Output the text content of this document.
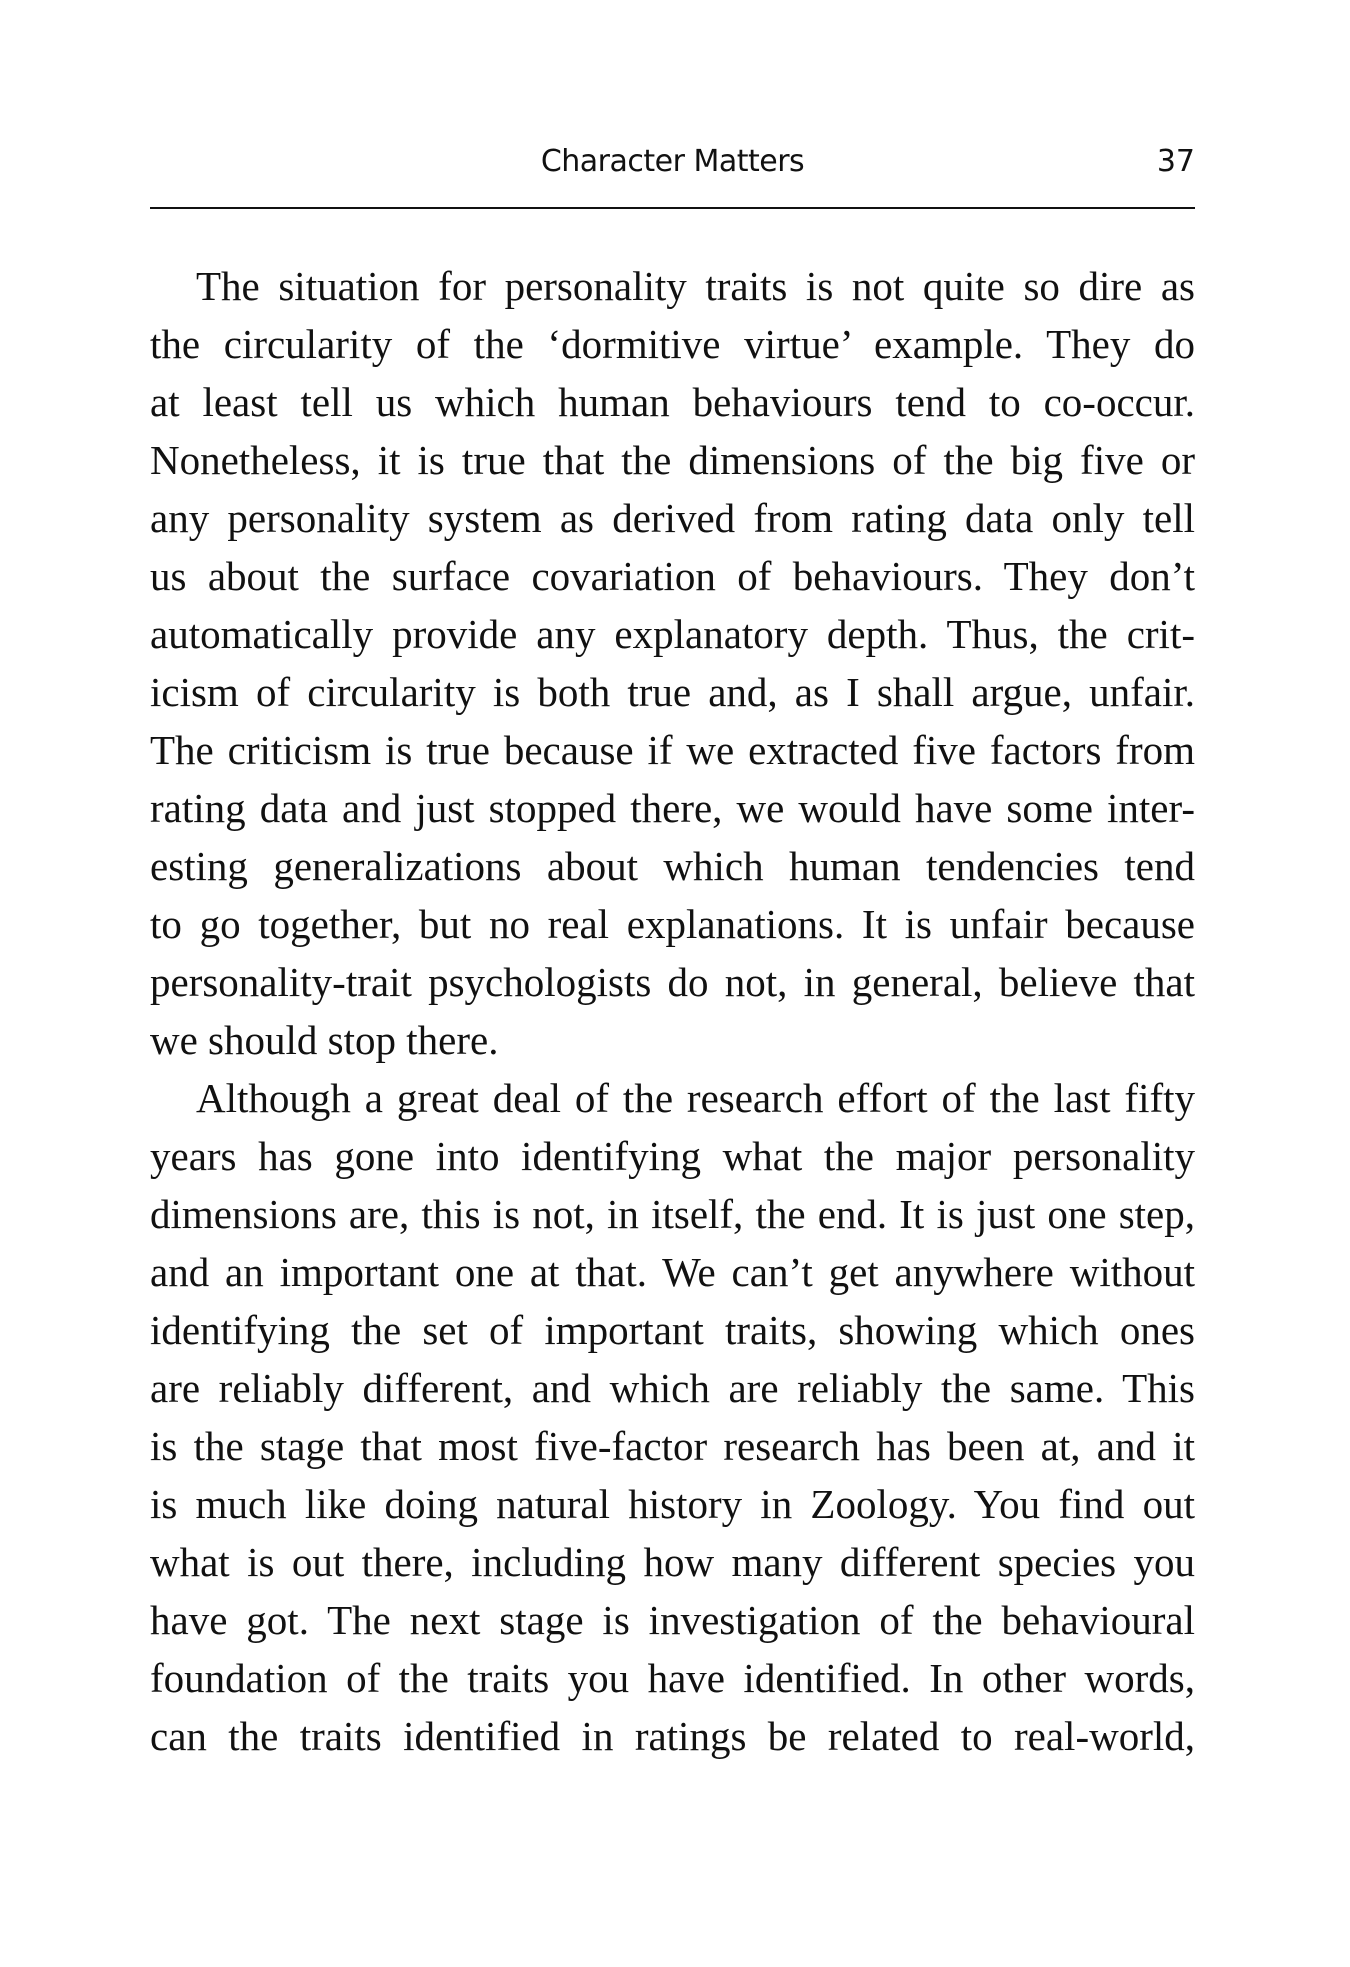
Character Matters	37
The situation for personality traits is not quite so dire as
the circularity of the ‘dormitive virtue’ example. They do
at least tell us which human behaviours tend to co-occur.
Nonetheless, it is true that the dimensions of the big five or
any personality system as derived from rating data only tell
us about the surface covariation of behaviours. They don’t
automatically provide any explanatory depth. Thus, the crit-
icism of circularity is both true and, as I shall argue, unfair.
The criticism is true because if we extracted five factors from
rating data and just stopped there, we would have some inter-
esting generalizations about which human tendencies tend
to go together, but no real explanations. It is unfair because
personality-trait psychologists do not, in general, believe that
we should stop there.
Although a great deal of the research effort of the last fifty
years has gone into identifying what the major personality
dimensions are, this is not, in itself, the end. It is just one step,
and an important one at that. We can’t get anywhere without
identifying the set of important traits, showing which ones
are reliably different, and which are reliably the same. This
is the stage that most five-factor research has been at, and it
is much like doing natural history in Zoology. You find out
what is out there, including how many different species you
have got. The next stage is investigation of the behavioural
foundation of the traits you have identified. In other words,
can the traits identified in ratings be related to real-world,
